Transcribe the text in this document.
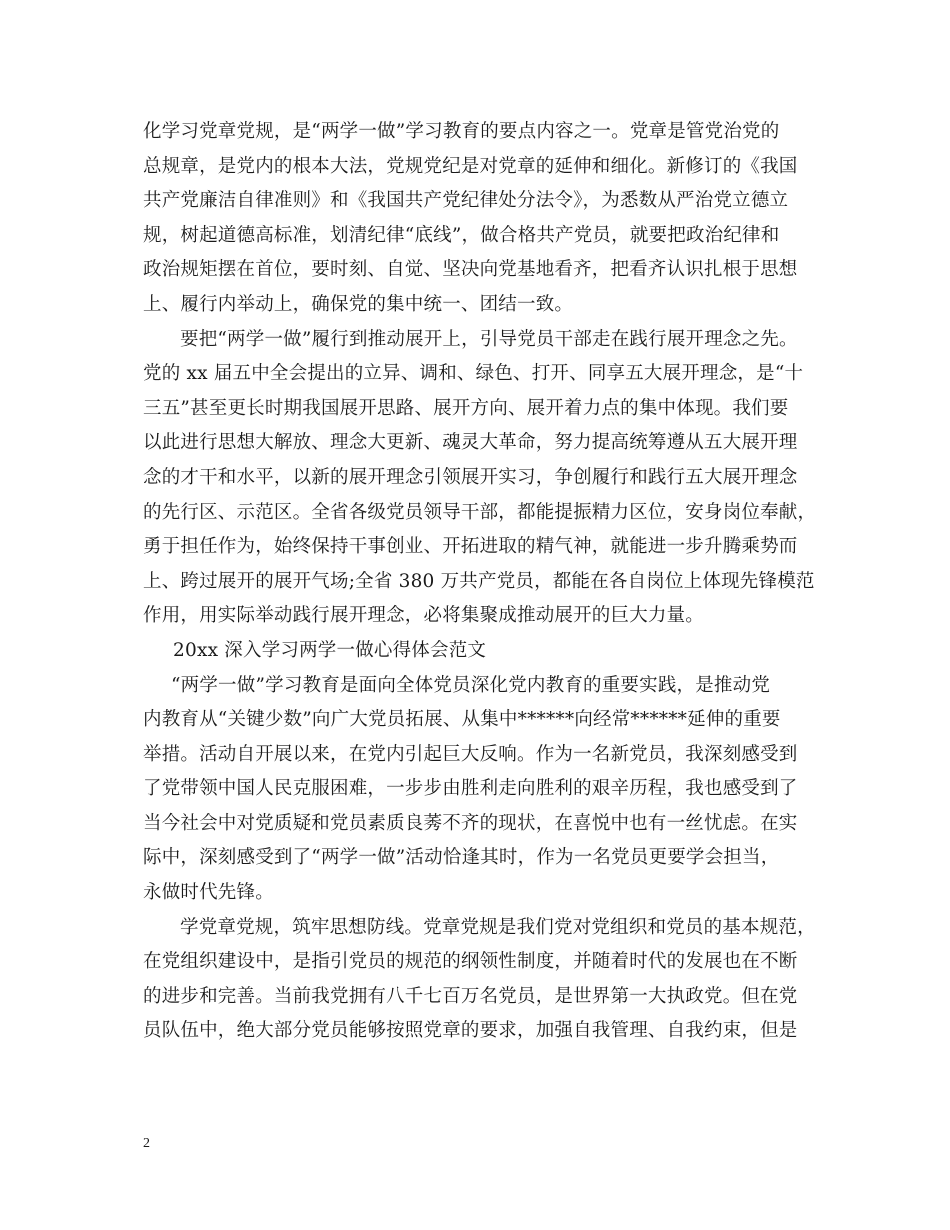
化学习党章党规，是“两学一做”学习教育的要点内容之一。党章是管党治党的
总规章，是党内的根本大法，党规党纪是对党章的延伸和细化。新修订的《我国
共产党廉洁自律准则》和《我国共产党纪律处分法令》，为悉数从严治党立德立
规，树起道德高标准，划清纪律“底线”，做合格共产党员，就要把政治纪律和
政治规矩摆在首位，要时刻、自觉、坚决向党基地看齐，把看齐认识扎根于思想
上、履行内举动上，确保党的集中统一、团结一致。

要把“两学一做”履行到推动展开上，引导党员干部走在践行展开理念之先。
党的 xx 届五中全会提出的立异、调和、绿色、打开、同享五大展开理念，是“十
三五”甚至更长时期我国展开思路、展开方向、展开着力点的集中体现。我们要
以此进行思想大解放、理念大更新、魂灵大革命，努力提高统筹遵从五大展开理
念的才干和水平，以新的展开理念引领展开实习，争创履行和践行五大展开理念
的先行区、示范区。全省各级党员领导干部，都能提振精力区位，安身岗位奉献，
勇于担任作为，始终保持干事创业、开拓进取的精气神，就能进一步升腾乘势而
上、跨过展开的展开气场;全省 380 万共产党员，都能在各自岗位上体现先锋模范
作用，用实际举动践行展开理念，必将集聚成推动展开的巨大力量。

20xx 深入学习两学一做心得体会范文

“两学一做”学习教育是面向全体党员深化党内教育的重要实践，是推动党
内教育从“关键少数”向广大党员拓展、从集中******向经常******延伸的重要
举措。活动自开展以来，在党内引起巨大反响。作为一名新党员，我深刻感受到
了党带领中国人民克服困难，一步步由胜利走向胜利的艰辛历程，我也感受到了
当今社会中对党质疑和党员素质良莠不齐的现状，在喜悦中也有一丝忧虑。在实
际中，深刻感受到了“两学一做”活动恰逢其时，作为一名党员更要学会担当，
永做时代先锋。

学党章党规，筑牢思想防线。党章党规是我们党对党组织和党员的基本规范，
在党组织建设中，是指引党员的规范的纲领性制度，并随着时代的发展也在不断
的进步和完善。当前我党拥有八千七百万名党员，是世界第一大执政党。但在党
员队伍中，绝大部分党员能够按照党章的要求，加强自我管理、自我约束，但是

2
